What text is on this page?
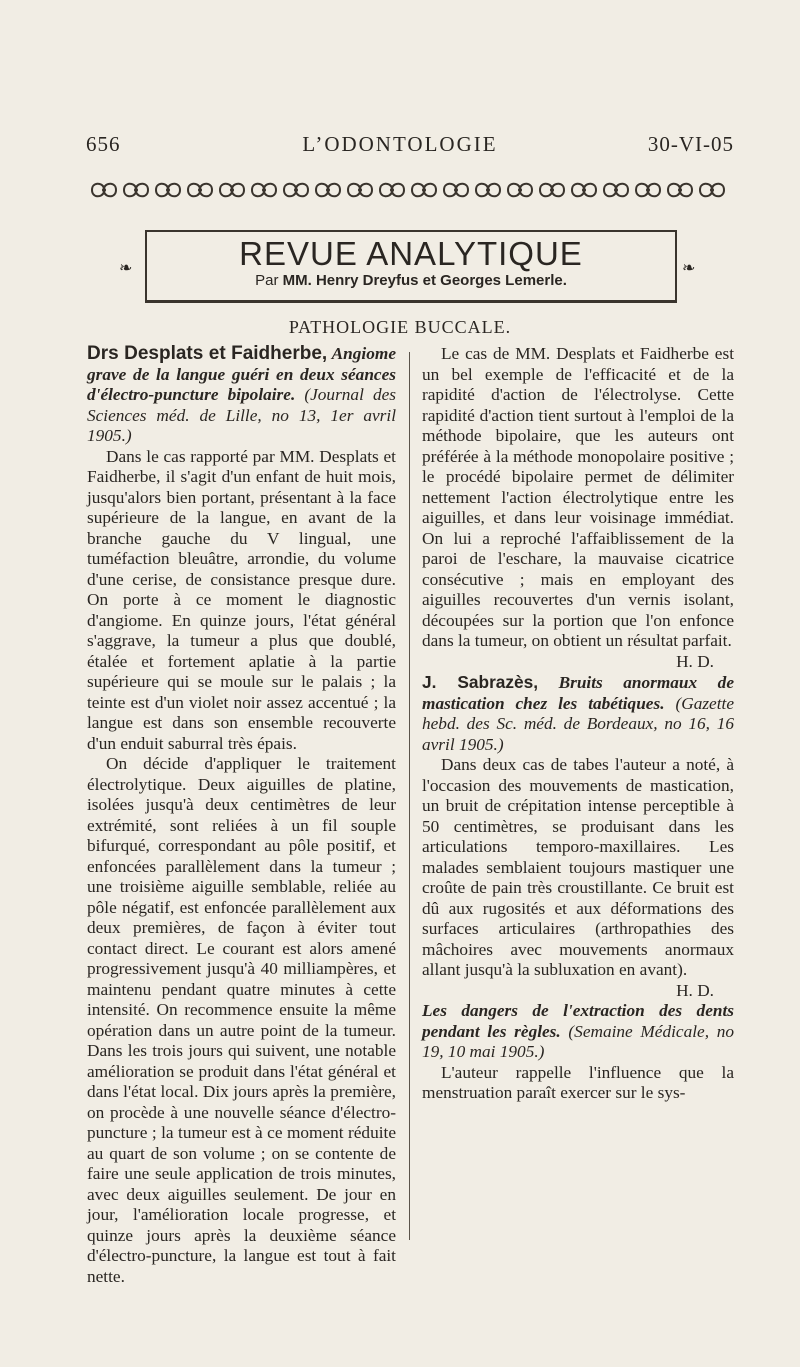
656	L’ODONTOLOGIE	30-VI-05
❧	REVUE ANALYTIQUE
Par MM. Henry Dreyfus et Georges Lemerle.
❧
PATHOLOGIE BUCCALE.

Drs Desplats et Faidherbe, Angiome grave de la langue guéri en deux séances d'électro-puncture bipolaire. (Journal des Sciences méd. de Lille, no 13, 1er avril 1905.)

Dans le cas rapporté par MM. Desplats et Faidherbe, il s'agit d'un enfant de huit mois, jusqu'alors bien portant, présentant à la face supérieure de la langue, en avant de la branche gauche du V lingual, une tuméfaction bleuâtre, arrondie, du volume d'une cerise, de consistance presque dure. On porte à ce moment le diagnostic d'angiome. En quinze jours, l'état général s'aggrave, la tumeur a plus que doublé, étalée et fortement aplatie à la partie supérieure qui se moule sur le palais ; la teinte est d'un violet noir assez accentué ; la langue est dans son ensemble recouverte d'un enduit saburral très épais.

On décide d'appliquer le traitement électrolytique. Deux aiguilles de platine, isolées jusqu'à deux centimètres de leur extrémité, sont reliées à un fil souple bifurqué, correspondant au pôle positif, et enfoncées parallèlement dans la tumeur ; une troisième aiguille semblable, reliée au pôle négatif, est enfoncée parallèlement aux deux premières, de façon à éviter tout contact direct. Le courant est alors amené progressivement jusqu'à 40 milliampères, et maintenu pendant quatre minutes à cette intensité. On recommence ensuite la même opération dans un autre point de la tumeur. Dans les trois jours qui suivent, une notable amélioration se produit dans l'état général et dans l'état local. Dix jours après la première, on procède à une nouvelle séance d'électro-puncture ; la tumeur est à ce moment réduite au quart de son volume ; on se contente de faire une seule application de trois minutes, avec deux aiguilles seulement. De jour en jour, l'amélioration locale progresse, et quinze jours après la deuxième séance d'électro-puncture, la langue est tout à fait nette.

Le cas de MM. Desplats et Faidherbe est un bel exemple de l'efficacité et de la rapidité d'action de l'électrolyse. Cette rapidité d'action tient surtout à l'emploi de la méthode bipolaire, que les auteurs ont préférée à la méthode monopolaire positive ; le procédé bipolaire permet de délimiter nettement l'action électrolytique entre les aiguilles, et dans leur voisinage immédiat. On lui a reproché l'affaiblissement de la paroi de l'eschare, la mauvaise cicatrice consécutive ; mais en employant des aiguilles recouvertes d'un vernis isolant, découpées sur la portion que l'on enfonce dans la tumeur, on obtient un résultat parfait.

H. D.

J. Sabrazès, Bruits anormaux de mastication chez les tabétiques. (Gazette hebd. des Sc. méd. de Bordeaux, no 16, 16 avril 1905.)

Dans deux cas de tabes l'auteur a noté, à l'occasion des mouvements de mastication, un bruit de crépitation intense perceptible à 50 centimètres, se produisant dans les articulations temporo-maxillaires. Les malades semblaient toujours mastiquer une croûte de pain très croustillante. Ce bruit est dû aux rugosités et aux déformations des surfaces articulaires (arthropathies des mâchoires avec mouvements anormaux allant jusqu'à la subluxation en avant).

H. D.

Les dangers de l'extraction des dents pendant les règles. (Semaine Médicale, no 19, 10 mai 1905.)

L'auteur rappelle l'influence que la menstruation paraît exercer sur le sys-
